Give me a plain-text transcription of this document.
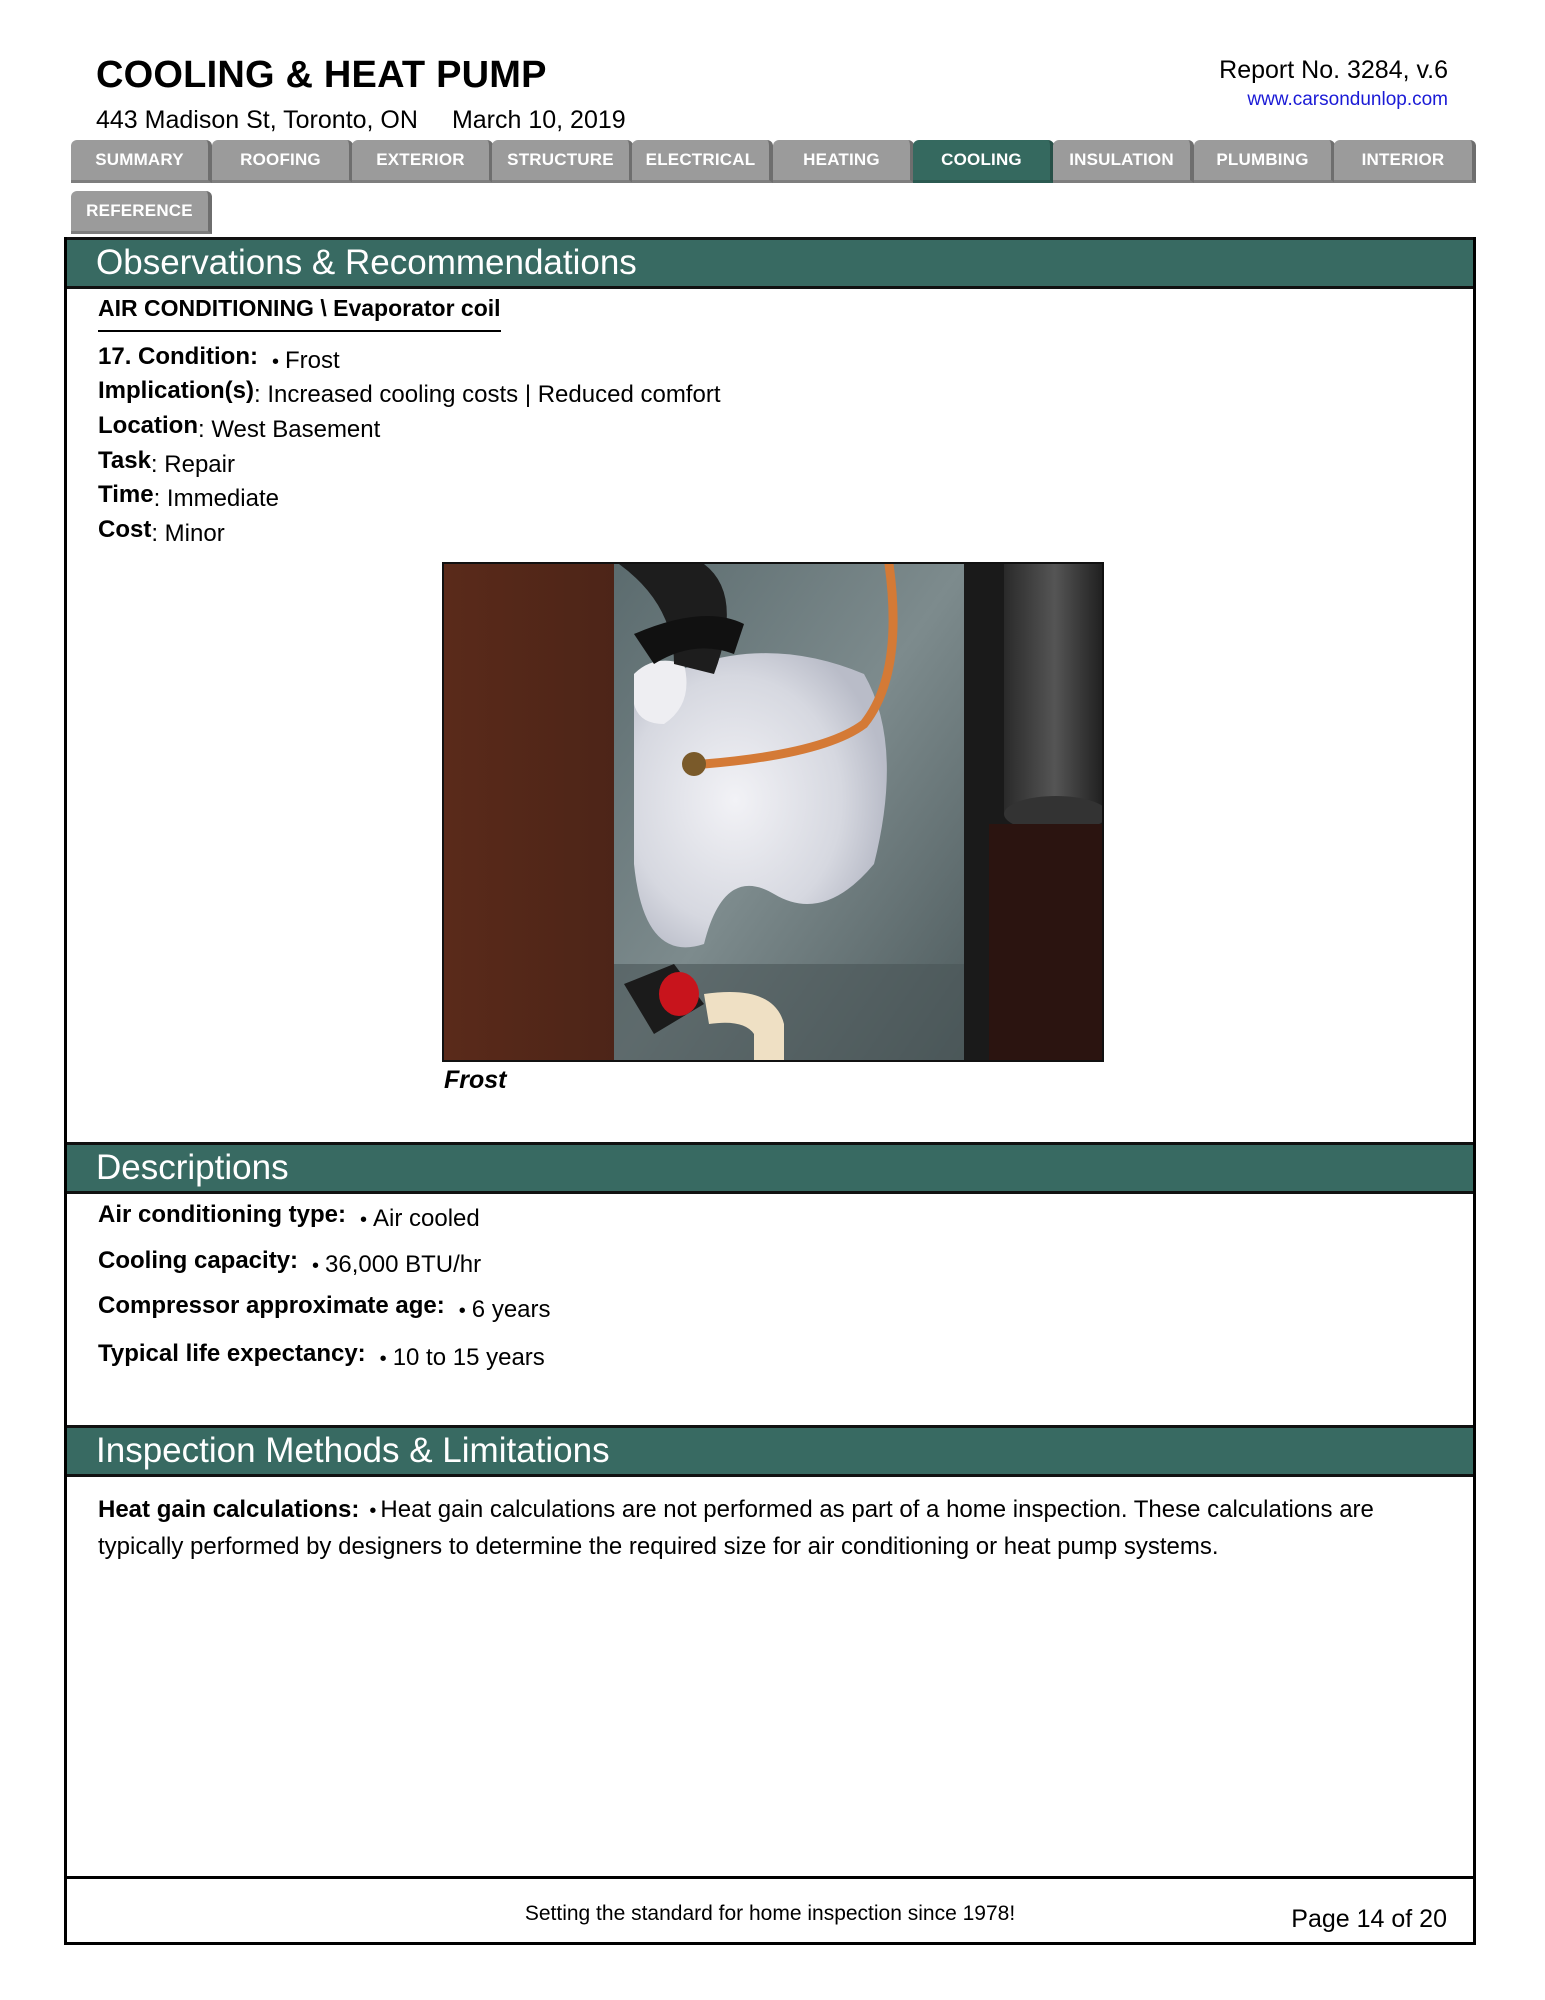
COOLING & HEAT PUMP
443 Madison St, Toronto, ON March 10, 2019
Report No. 3284, v.6
www.carsondunlop.com
SUMMARY	ROOFING	EXTERIOR	STRUCTURE	ELECTRICAL	HEATING	COOLING	INSULATION	PLUMBING	INTERIOR
REFERENCE
Observations & Recommendations
AIR CONDITIONING \ Evaporator coil
17. Condition: • Frost
Implication(s): Increased cooling costs | Reduced comfort
Location: West Basement
Task: Repair
Time: Immediate
Cost: Minor
Frost
Descriptions
Air conditioning type: • Air cooled
Cooling capacity: • 36,000 BTU/hr
Compressor approximate age: • 6 years
Typical life expectancy: • 10 to 15 years
Inspection Methods & Limitations
Heat gain calculations: • Heat gain calculations are not performed as part of a home inspection. These calculations are typically performed by designers to determine the required size for air conditioning or heat pump systems.
Setting the standard for home inspection since 1978!	Page 14 of 20
